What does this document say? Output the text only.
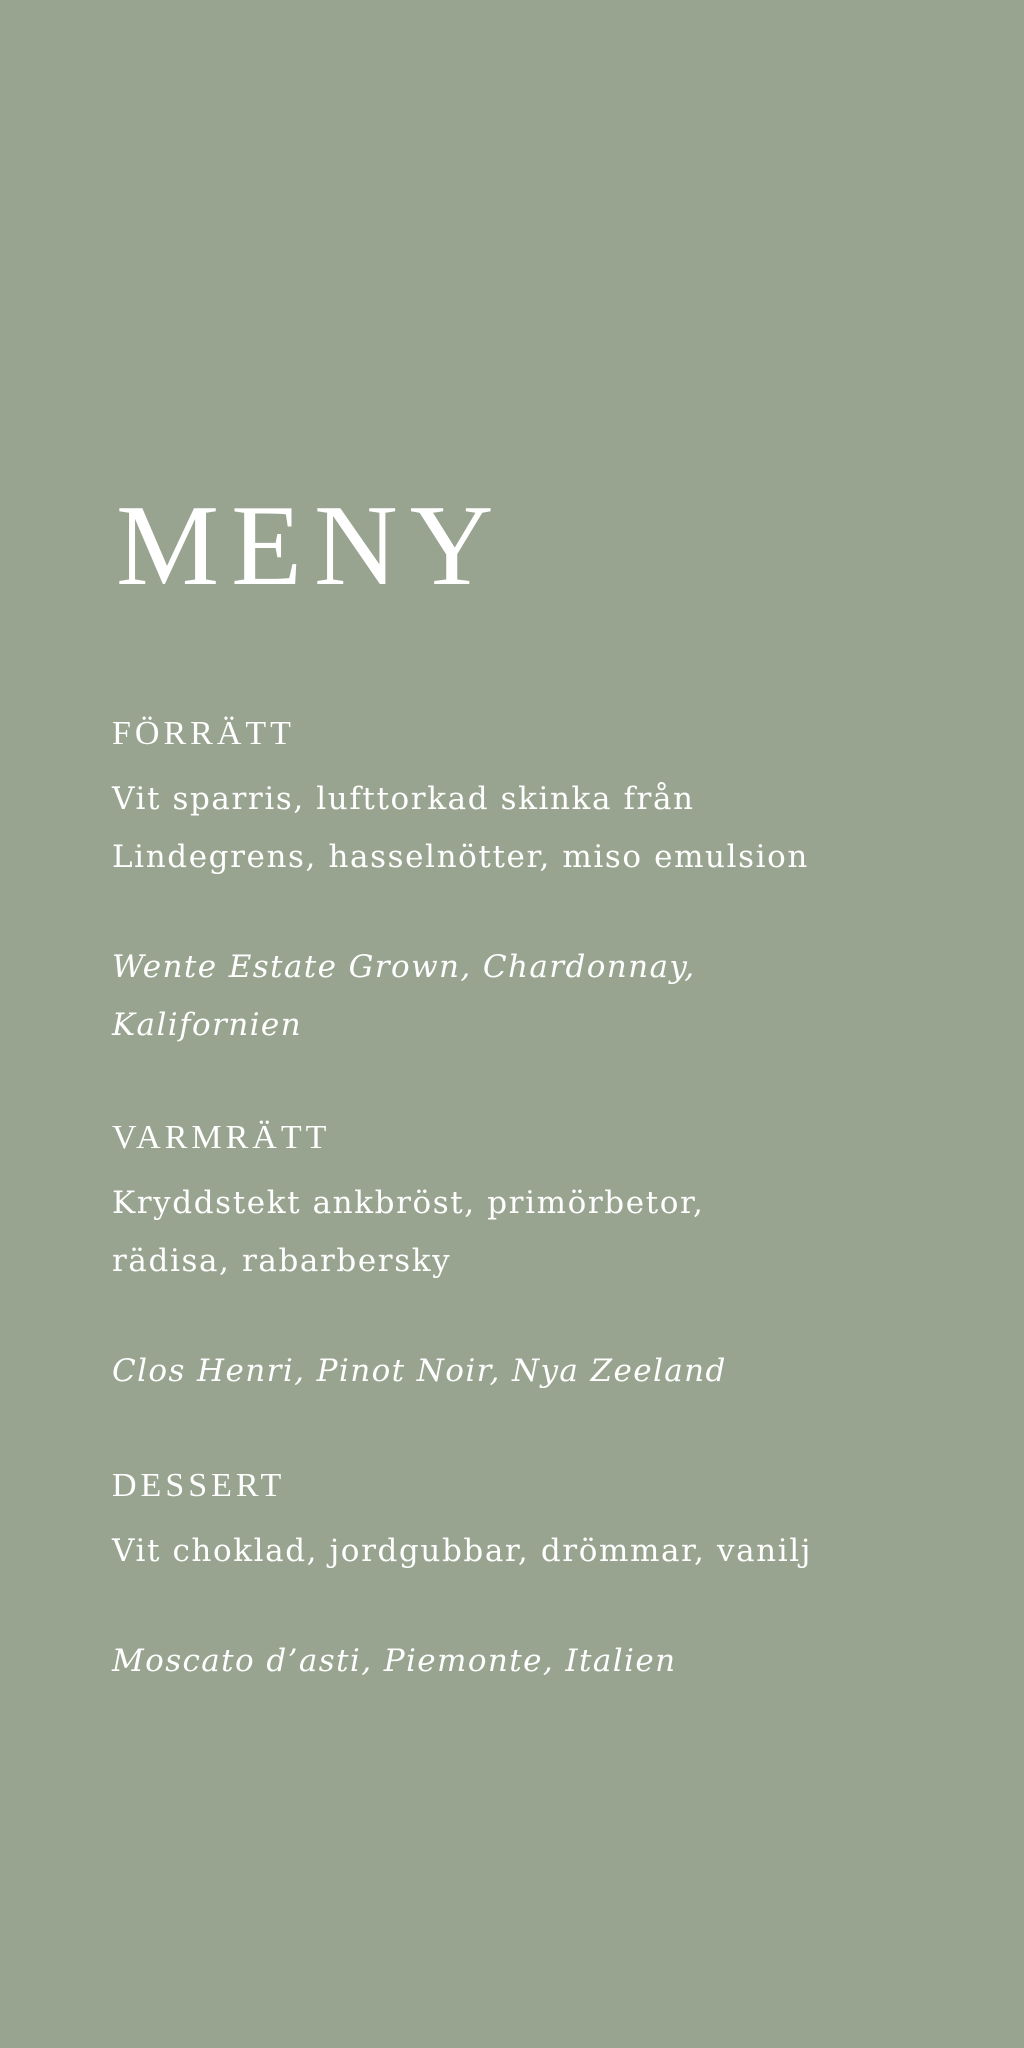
MENY
FÖRRÄTT

Vit sparris, lufttorkad skinka från
Lindegrens, hasselnötter, miso emulsion

Wente Estate Grown, Chardonnay,
Kalifornien

VARMRÄTT

Kryddstekt ankbröst, primörbetor,
rädisa, rabarbersky

Clos Henri, Pinot Noir, Nya Zeeland

DESSERT

Vit choklad, jordgubbar, drömmar, vanilj

Moscato d’asti, Piemonte, Italien
